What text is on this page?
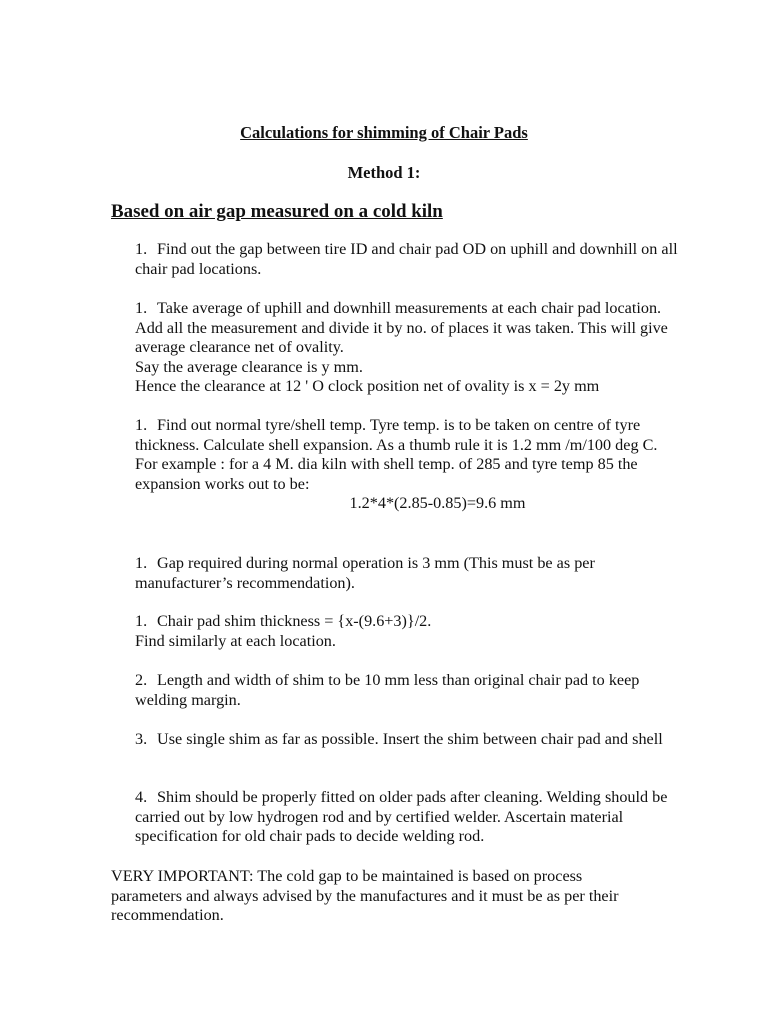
Calculations for shimming of Chair Pads
Method 1:
Based on air gap measured on a cold kiln

1. Find out the gap between tire ID and chair pad OD on uphill and downhill on all chair pad locations.

1. Take average of uphill and downhill measurements at each chair pad location. Add all the measurement and divide it by no. of places it was taken. This will give average clearance net of ovality.

Say the average clearance is y mm.

Hence the clearance at 12 ' O clock position net of ovality is x = 2y mm

1. Find out normal tyre/shell temp. Tyre temp. is to be taken on centre of tyre thickness. Calculate shell expansion. As a thumb rule it is 1.2 mm /m/100 deg C.

For example : for a 4 M. dia kiln with shell temp. of 285 and tyre temp 85 the expansion works out to be:

1.2*4*(2.85-0.85)=9.6 mm

1. Gap required during normal operation is 3 mm (This must be as per manufacturer’s recommendation).

1. Chair pad shim thickness = {x-(9.6+3)}/2.

Find similarly at each location.

2. Length and width of shim to be 10 mm less than original chair pad to keep welding margin.

3. Use single shim as far as possible. Insert the shim between chair pad and shell

4. Shim should be properly fitted on older pads after cleaning. Welding should be carried out by low hydrogen rod and by certified welder. Ascertain material specification for old chair pads to decide welding rod.

VERY IMPORTANT: The cold gap to be maintained is based on process parameters and always advised by the manufactures and it must be as per their recommendation.
